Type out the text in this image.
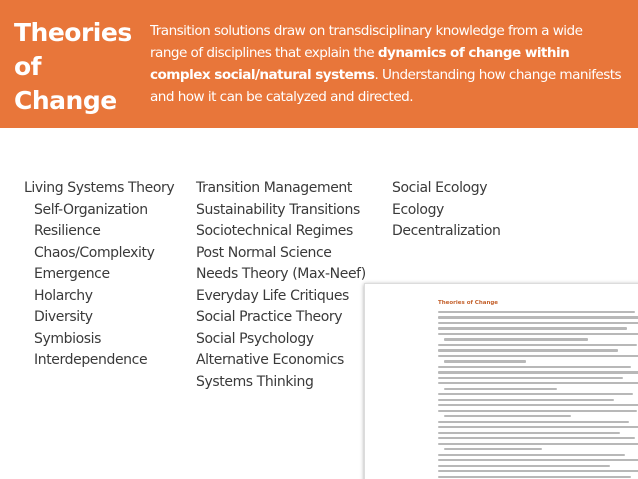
Theories
of Change
Transition solutions draw on transdisciplinary knowledge from a wide
range of disciplines that explain the dynamics of change within
complex social/natural systems. Understanding how change manifests
and how it can be catalyzed and directed.
Living Systems Theory
Self-Organization
Resilience
Chaos/Complexity
Emergence
Holarchy
Diversity
Symbiosis
Interdependence
Transition Management
Sustainability Transitions
Sociotechnical Regimes
Post Normal Science
Needs Theory (Max-Neef)
Everyday Life Critiques
Social Practice Theory
Social Psychology
Alternative Economics
Systems Thinking
Social Ecology
Ecology
Decentralization
Theories of Change
